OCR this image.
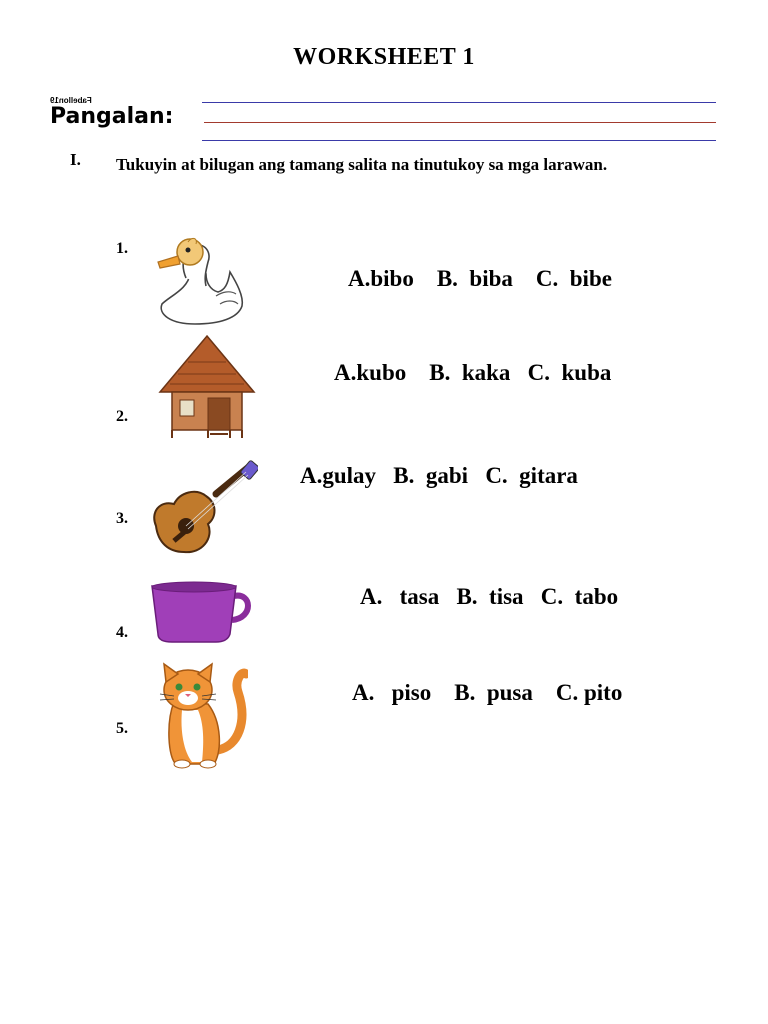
WORKSHEET 1
Fabellon19
Pangalan:
I. Tukuyin at bilugan ang tamang salita na tinutukoy sa mga larawan.
1.
A.bibo    B.  biba    C.  bibe
2.
A.kubo    B.  kaka   C.  kuba
3.
A.gulay   B.  gabi   C.  gitara
4.
A.   tasa   B.  tisa   C.  tabo
5.
A.   piso    B.  pusa    C. pito
